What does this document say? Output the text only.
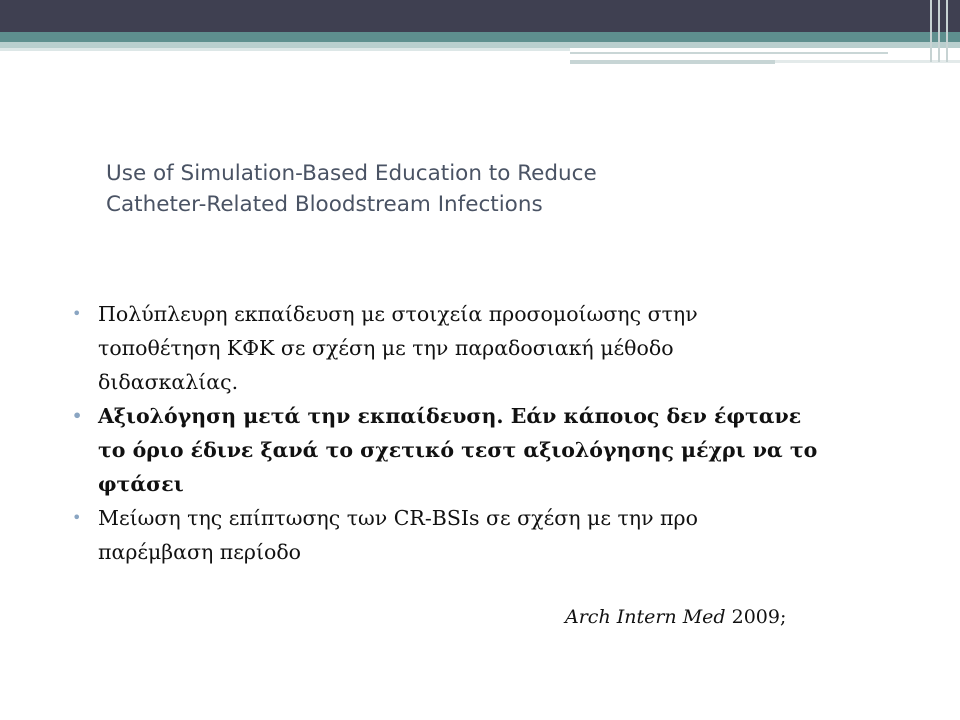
Use of Simulation-Based Education to Reduce
Catheter-Related Bloodstream Infections
• Πολύπλευρη εκπαίδευση με στοιχεία προσομοίωσης στην
τοποθέτηση ΚΦΚ σε σχέση με την παραδοσιακή μέθοδο
διδασκαλίας.
• Αξιολόγηση μετά την εκπαίδευση. Εάν κάποιος δεν έφτανε
το όριο έδινε ξανά το σχετικό τεστ αξιολόγησης μέχρι να το
φτάσει
• Μείωση της επίπτωσης των CR-BSIs σε σχέση με την προ
παρέμβαση περίοδο
Arch Intern Med 2009;
